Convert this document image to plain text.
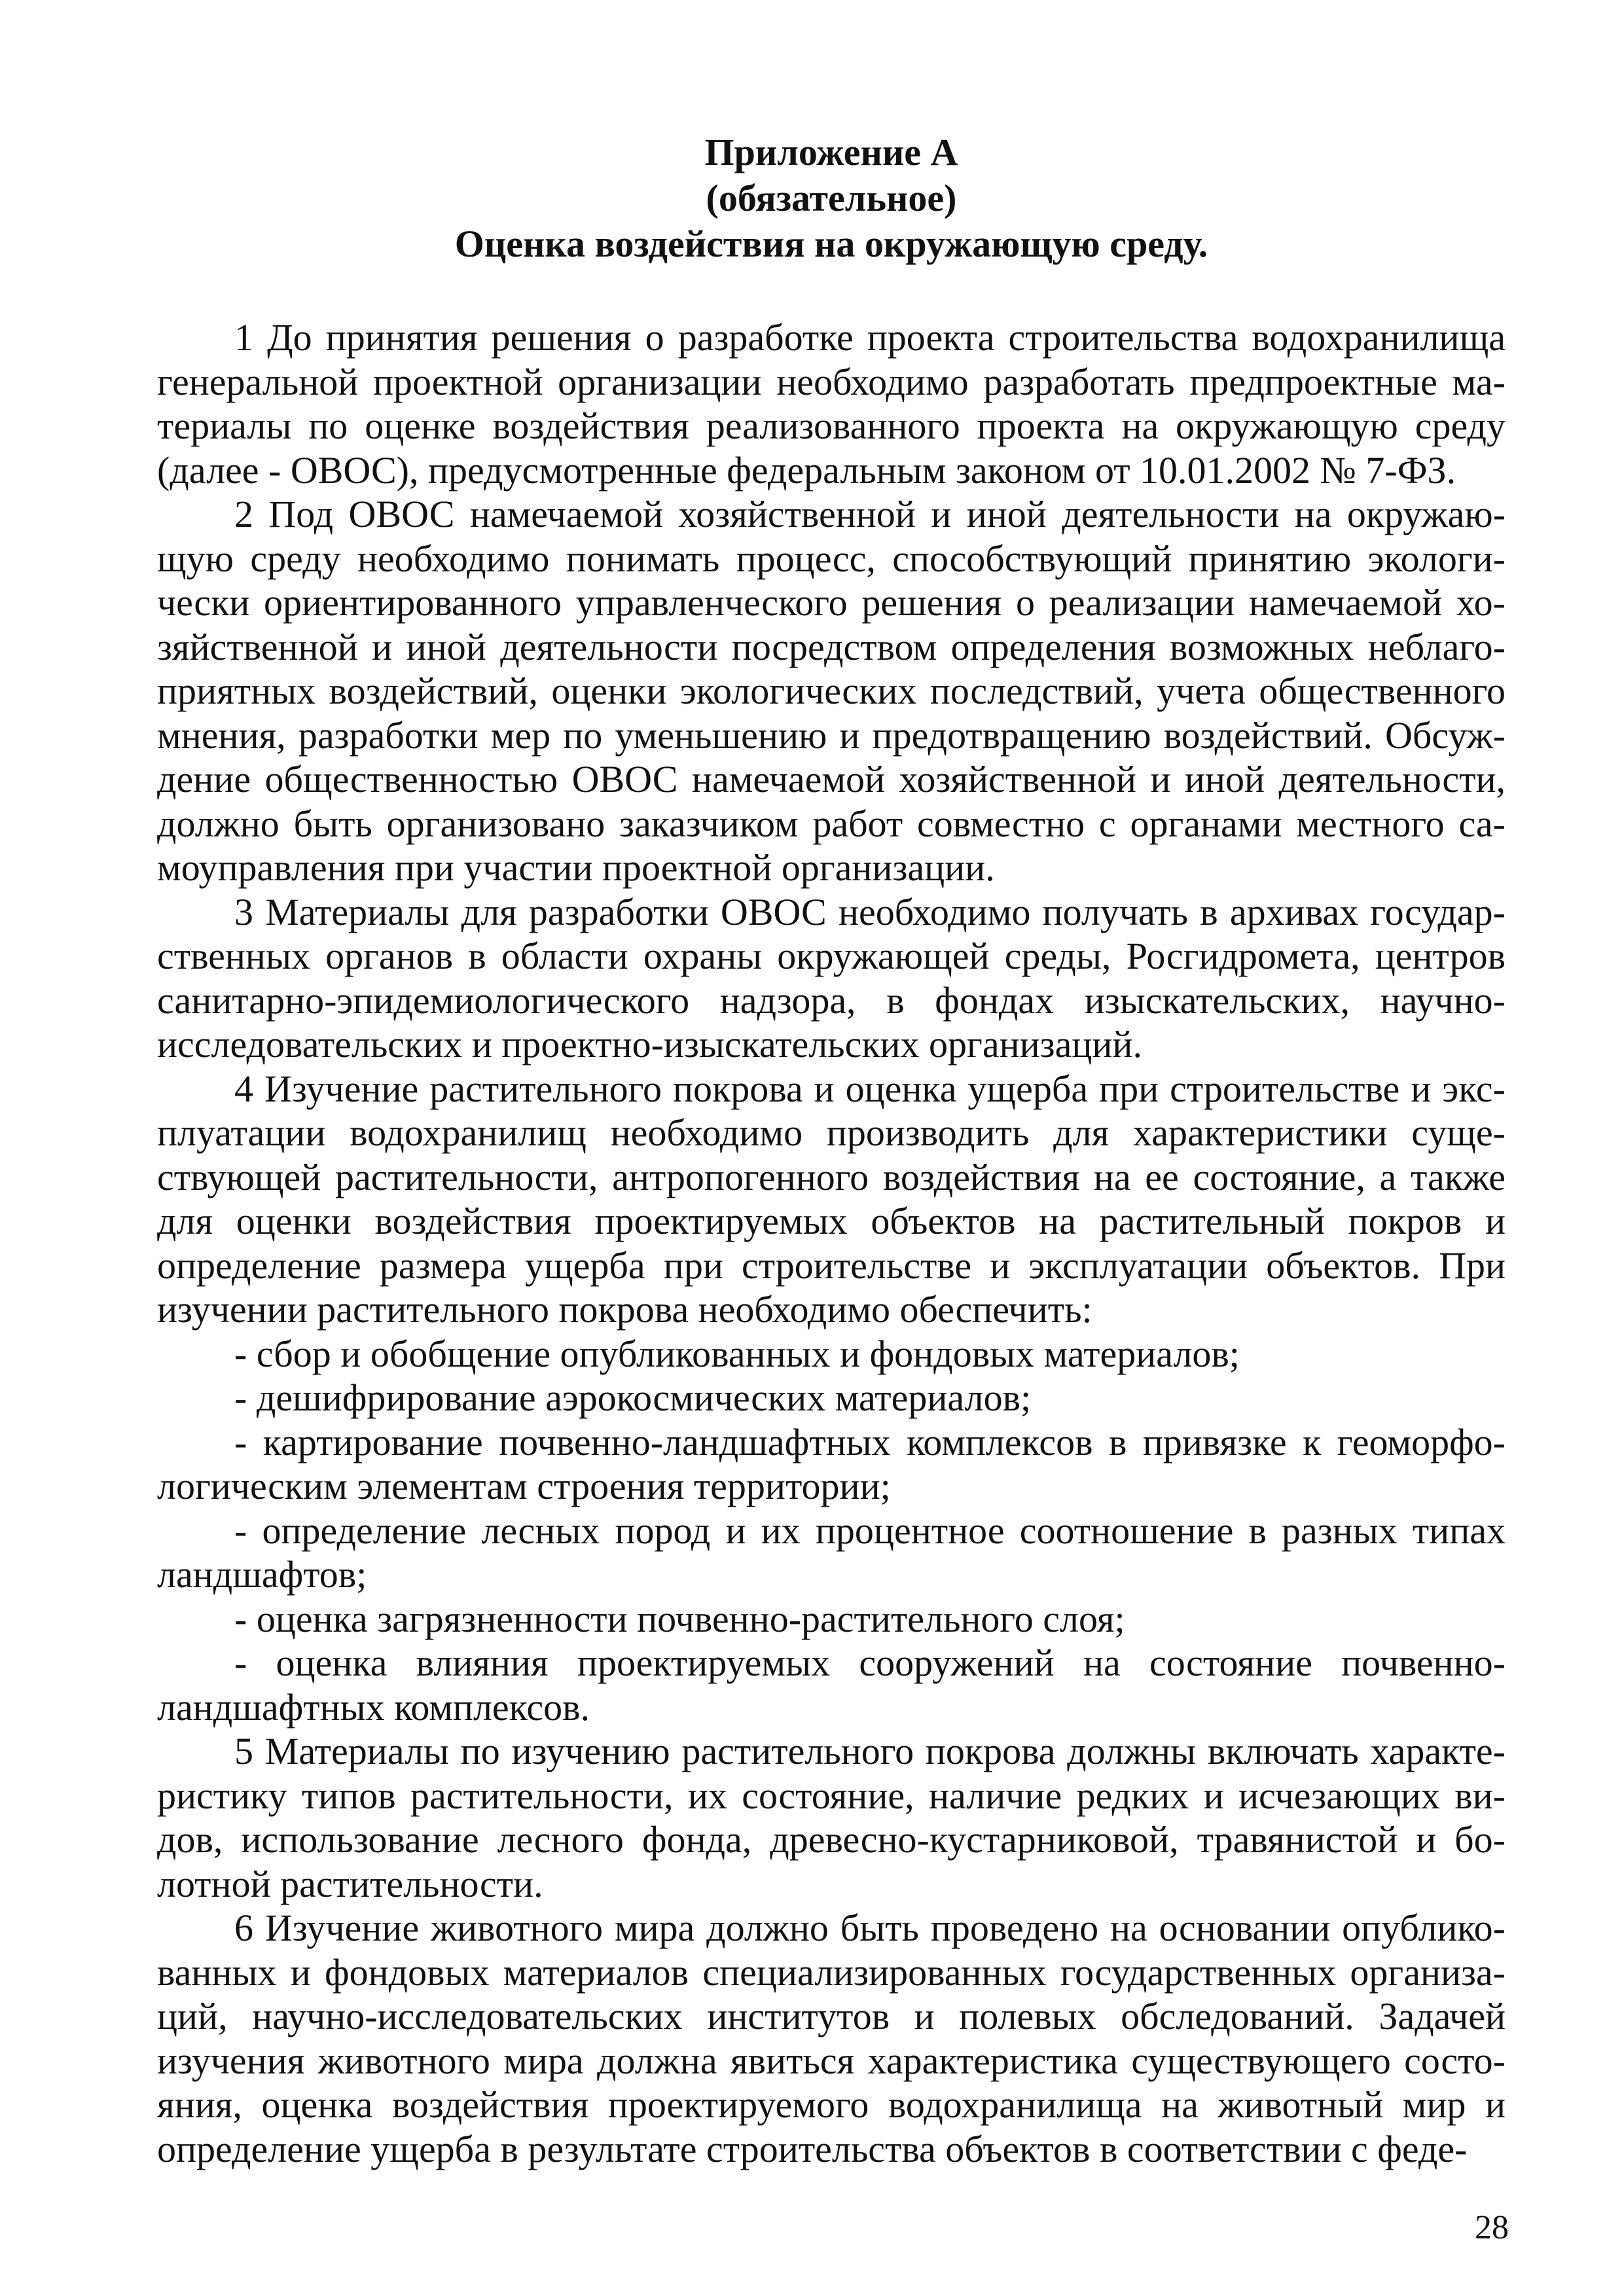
Приложение А
(обязательное)
Оценка воздействия на окружающую среду.

1 До принятия решения о разработке проекта строительства водохранилища генеральной проектной организации необходимо разработать предпроектные материалы по оценке воздействия реализованного проекта на окружающую среду (далее - ОВОС), предусмотренные федеральным законом от 10.01.2002 № 7-ФЗ.

2 Под ОВОС намечаемой хозяйственной и иной деятельности на окружающую среду необходимо понимать процесс, способствующий принятию экологически ориентированного управленческого решения о реализации намечаемой хозяйственной и иной деятельности посредством определения возможных неблагоприятных воздействий, оценки экологических последствий, учета общественного мнения, разработки мер по уменьшению и предотвращению воздействий. Обсуждение общественностью ОВОС намечаемой хозяйственной и иной деятельности, должно быть организовано заказчиком работ совместно с органами местного самоуправления при участии проектной организации.

3 Материалы для разработки ОВОС необходимо получать в архивах государственных органов в области охраны окружающей среды, Росгидромета, центров санитарно-эпидемиологического надзора, в фондах изыскательских, научно-исследовательских и проектно-изыскательских организаций.

4 Изучение растительного покрова и оценка ущерба при строительстве и эксплуатации водохранилищ необходимо производить для характеристики существующей растительности, антропогенного воздействия на ее состояние, а также для оценки воздействия проектируемых объектов на растительный покров и определение размера ущерба при строительстве и эксплуатации объектов. При изучении растительного покрова необходимо обеспечить:

- сбор и обобщение опубликованных и фондовых материалов;

- дешифрирование аэрокосмических материалов;

- картирование почвенно-ландшафтных комплексов в привязке к геоморфологическим элементам строения территории;

- определение лесных пород и их процентное соотношение в разных типах ландшафтов;

- оценка загрязненности почвенно-растительного слоя;

- оценка влияния проектируемых сооружений на состояние почвенно-ландшафтных комплексов.

5 Материалы по изучению растительного покрова должны включать характеристику типов растительности, их состояние, наличие редких и исчезающих видов, использование лесного фонда, древесно-кустарниковой, травянистой и болотной растительности.

6 Изучение животного мира должно быть проведено на основании опубликованных и фондовых материалов специализированных государственных организаций, научно-исследовательских институтов и полевых обследований. Задачей изучения животного мира должна явиться характеристика существующего состояния, оценка воздействия проектируемого водохранилища на животный мир и определение ущерба в результате строительства объектов в соответствии с феде-

28
